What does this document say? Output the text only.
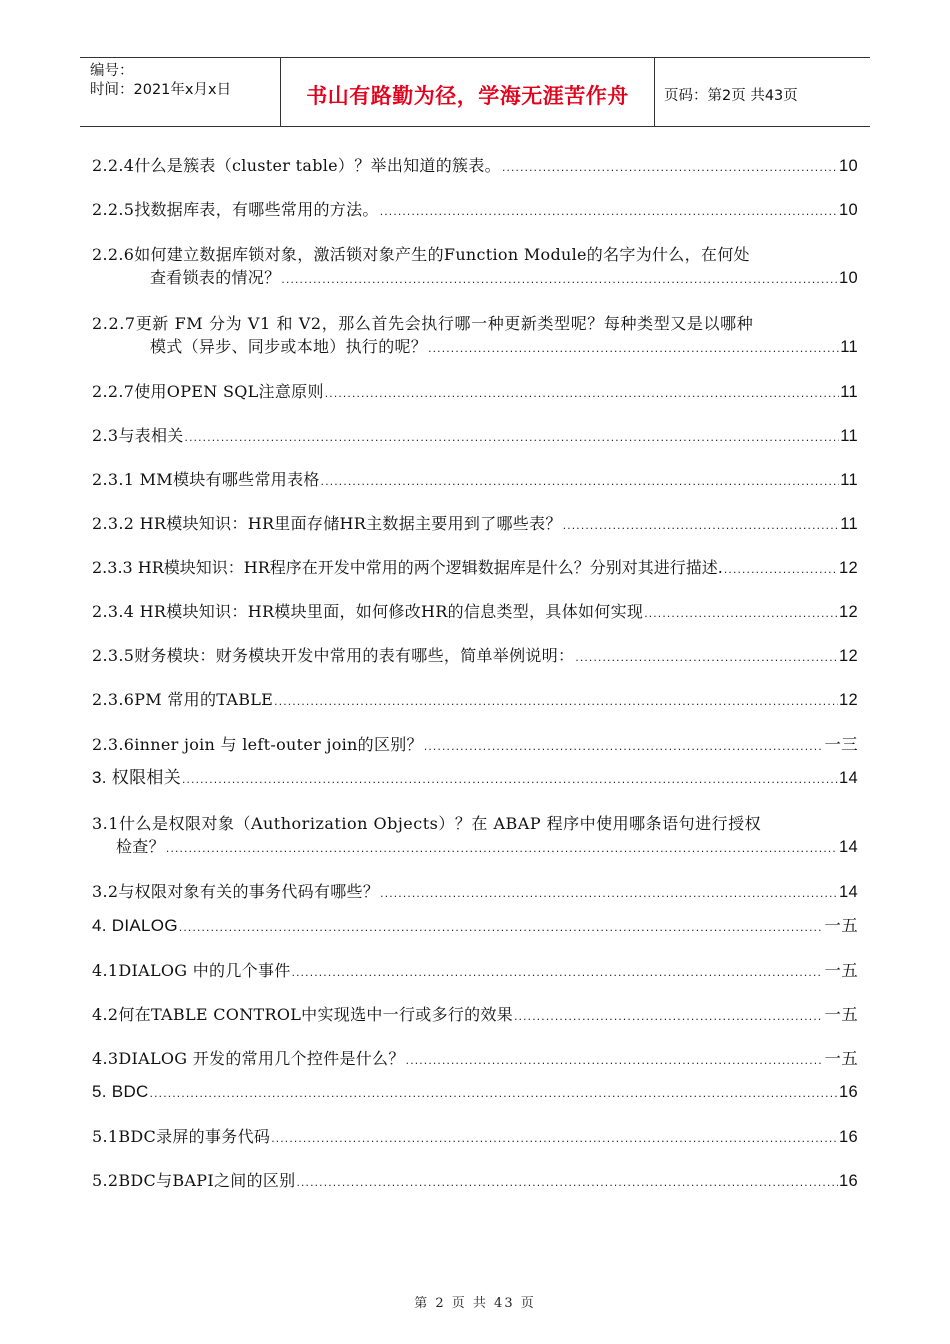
编号：
时间：2021年x月x日	书山有路勤为径，学海无涯苦作舟	页码：第2页 共43页
2.2.4什么是簇表（cluster table）？举出知道的簇表。 .....	10
2.2.5找数据库表，有哪些常用的方法。 .....	10
2.2.6如何建立数据库锁对象，激活锁对象产生的Function Module的名字为什么，在何处
查看锁表的情况？ .....	10
2.2.7更新 FM 分为 V1 和 V2，那么首先会执行哪一种更新类型呢？每种类型又是以哪种
模式（异步、同步或本地）执行的呢？ .....	11
2.2.7使用OPEN SQL注意原则 .....	11
2.3与表相关 .....	11
2.3.1 MM模块有哪些常用表格 .....	11
2.3.2 HR模块知识：HR里面存储HR主数据主要用到了哪些表？ .....	11
2.3.3 HR模块知识：HR程序在开发中常用的两个逻辑数据库是什么？分别对其进行描述. .....	12
2.3.4 HR模块知识：HR模块里面，如何修改HR的信息类型，具体如何实现 .....	12
2.3.5财务模块：财务模块开发中常用的表有哪些，简单举例说明： .....	12
2.3.6PM 常用的TABLE .....	12
2.3.6inner join 与 left-outer join的区别？ .....	一三
3. 权限相关 .....	14
3.1什么是权限对象（Authorization Objects）？在 ABAP 程序中使用哪条语句进行授权
检查？ .....	14
3.2与权限对象有关的事务代码有哪些？ .....	14
4. DIALOG .....	一五
4.1DIALOG 中的几个事件 .....	一五
4.2何在TABLE CONTROL中实现选中一行或多行的效果 .....	一五
4.3DIALOG 开发的常用几个控件是什么？ .....	一五
5. BDC .....	16
5.1BDC录屏的事务代码 .....	16
5.2BDC与BAPI之间的区别 .....	16
第 2 页 共 43 页
